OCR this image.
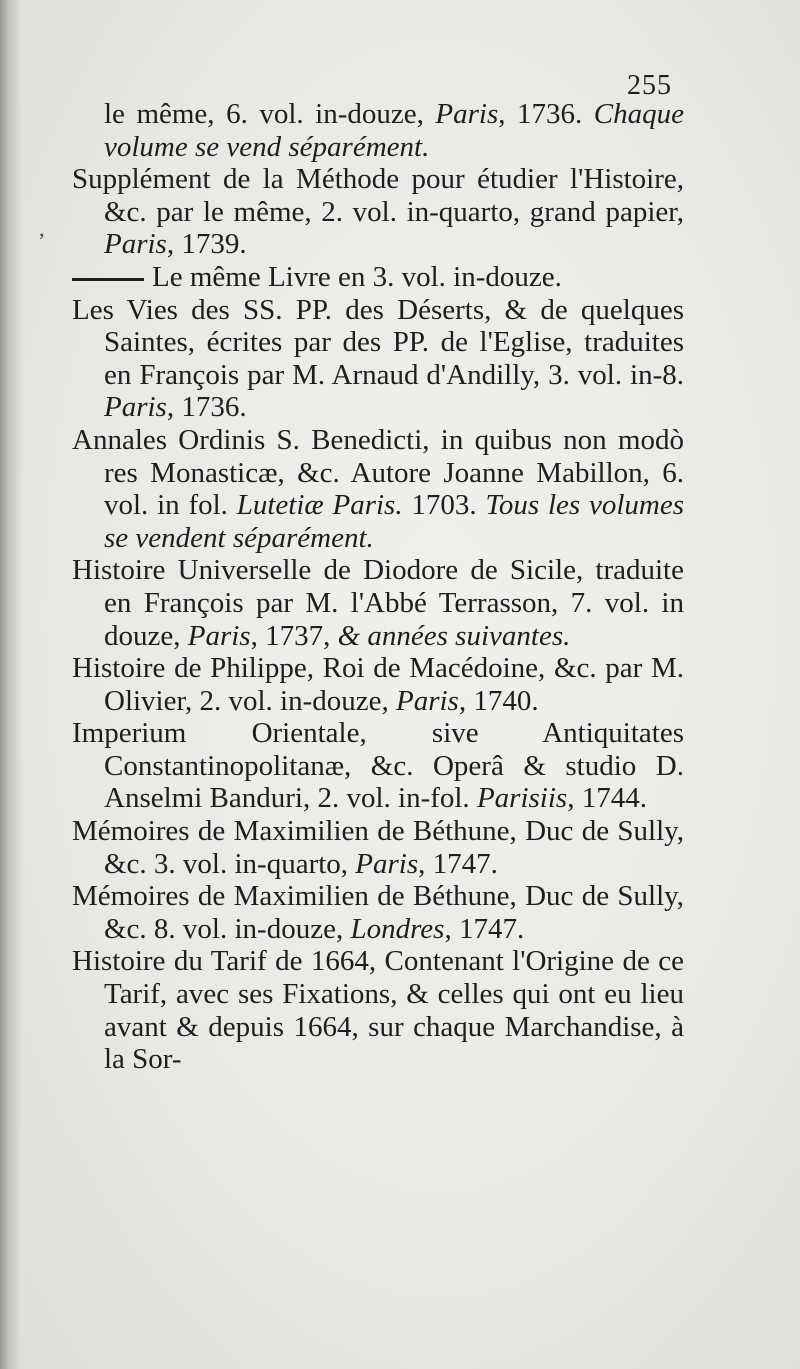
255
‚
le même, 6. vol. in-douze, Paris, 1736. Chaque volume se vend séparément.
Supplément de la Méthode pour étudier l'Histoire, &c. par le même, 2. vol. in-quarto, grand papier, Paris, 1739.
Le même Livre en 3. vol. in-douze.
Les Vies des SS. PP. des Déserts, & de quelques Saintes, écrites par des PP. de l'Eglise, traduites en François par M. Arnaud d'Andilly, 3. vol. in-8. Paris, 1736.
Annales Ordinis S. Benedicti, in quibus non modò res Monasticæ, &c. Autore Joanne Mabillon, 6. vol. in fol. Lutetiæ Paris. 1703. Tous les volumes se vendent séparément.
Histoire Universelle de Diodore de Sicile, traduite en François par M. l'Abbé Terrasson, 7. vol. in douze, Paris, 1737, & années suivantes.
Histoire de Philippe, Roi de Macédoine, &c. par M. Olivier, 2. vol. in-douze, Paris, 1740.
Imperium Orientale, sive Antiquitates Constantinopolitanæ, &c. Operâ & studio D. Anselmi Banduri, 2. vol. in-fol. Parisiis, 1744.
Mémoires de Maximilien de Béthune, Duc de Sully, &c. 3. vol. in-quarto, Paris, 1747.
Mémoires de Maximilien de Béthune, Duc de Sully, &c. 8. vol. in-douze, Londres, 1747.
Histoire du Tarif de 1664, Contenant l'Origine de ce Tarif, avec ses Fixations, & celles qui ont eu lieu avant & depuis 1664, sur chaque Marchandise, à la Sor-
